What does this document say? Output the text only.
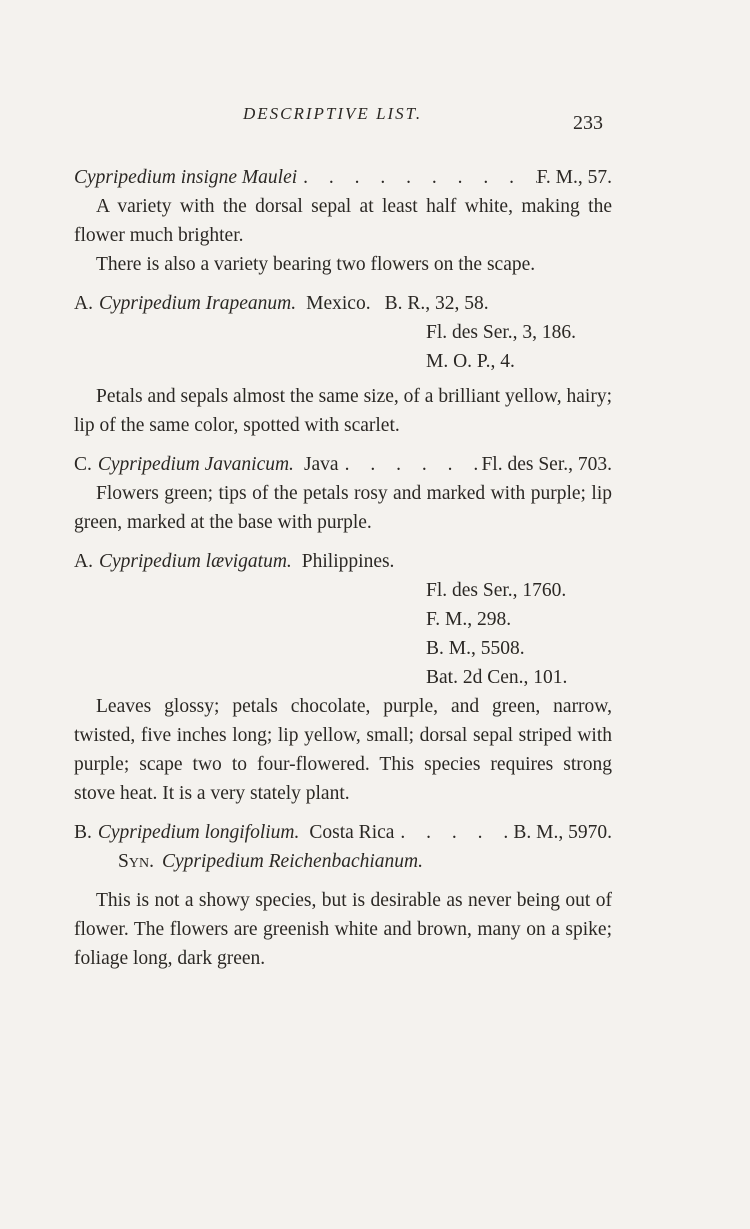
DESCRIPTIVE LIST.	233
Cypripedium insigne Maulei . . .	F. M., 57.

A variety with the dorsal sepal at least half white, making the flower much brighter.

There is also a variety bearing two flowers on the scape.

A. Cypripedium Irapeanum. Mexico. B. R., 32, 58.
Fl. des Ser., 3, 186.
M. O. P., 4.

Petals and sepals almost the same size, of a brilliant yellow, hairy; lip of the same color, spotted with scarlet.

C. Cypripedium Javanicum. Java . . .	Fl. des Ser., 703.

Flowers green; tips of the petals rosy and marked with purple; lip green, marked at the base with purple.

A. Cypripedium lævigatum. Philippines.
Fl. des Ser., 1760.
F. M., 298.
B. M., 5508.
Bat. 2d Cen., 101.

Leaves glossy; petals chocolate, purple, and green, narrow, twisted, five inches long; lip yellow, small; dorsal sepal striped with purple; scape two to four-flowered. This species requires strong stove heat. It is a very stately plant.

B. Cypripedium longifolium. Costa Rica . . .	B. M., 5970.
Syn. Cypripedium Reichenbachianum.

This is not a showy species, but is desirable as never being out of flower. The flowers are greenish white and brown, many on a spike; foliage long, dark green.
